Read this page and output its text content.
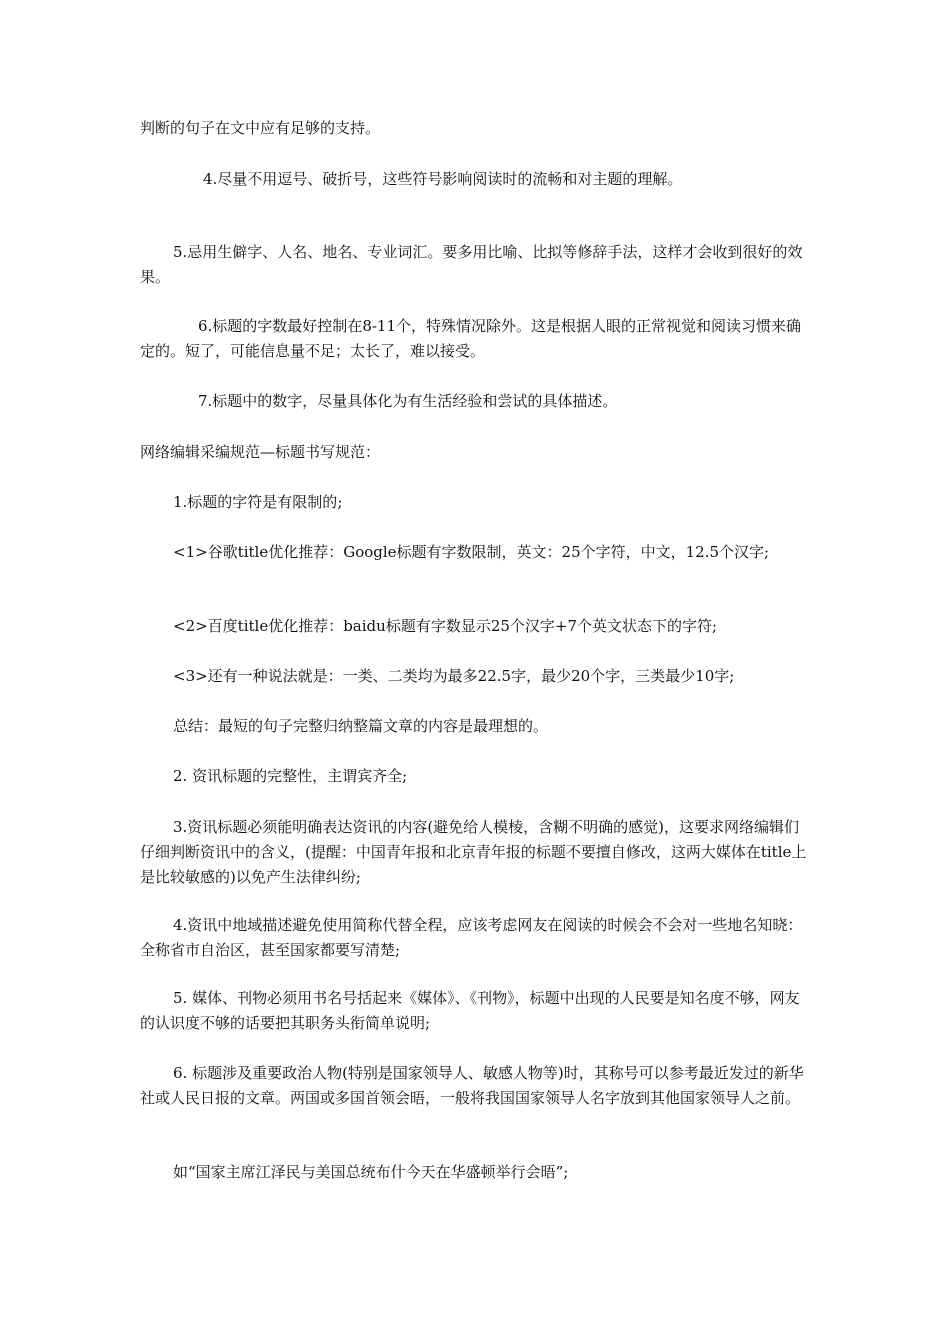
判断的句子在文中应有足够的支持。

4.尽量不用逗号、破折号，这些符号影响阅读时的流畅和对主题的理解。

5.忌用生僻字、人名、地名、专业词汇。要多用比喻、比拟等修辞手法，这样才会收到很好的效果。

6.标题的字数最好控制在8-11个，特殊情况除外。这是根据人眼的正常视觉和阅读习惯来确定的。短了，可能信息量不足；太长了，难以接受。

7.标题中的数字，尽量具体化为有生活经验和尝试的具体描述。

网络编辑采编规范—标题书写规范：

1.标题的字符是有限制的;

<1>谷歌title优化推荐：Google标题有字数限制，英文：25个字符，中文，12.5个汉字;

<2>百度title优化推荐：baidu标题有字数显示25个汉字+7个英文状态下的字符;

<3>还有一种说法就是：一类、二类均为最多22.5字，最少20个字，三类最少10字;

总结：最短的句子完整归纳整篇文章的内容是最理想的。

2. 资讯标题的完整性，主谓宾齐全;

3.资讯标题必须能明确表达资讯的内容(避免给人模棱，含糊不明确的感觉)，这要求网络编辑们仔细判断资讯中的含义，(提醒：中国青年报和北京青年报的标题不要擅自修改，这两大媒体在title上是比较敏感的)以免产生法律纠纷;

4.资讯中地域描述避免使用简称代替全程，应该考虑网友在阅读的时候会不会对一些地名知晓：全称省市自治区，甚至国家都要写清楚;

5. 媒体、刊物必须用书名号括起来《媒体》、《刊物》，标题中出现的人民要是知名度不够，网友的认识度不够的话要把其职务头衔简单说明;

6. 标题涉及重要政治人物(特别是国家领导人、敏感人物等)时，其称号可以参考最近发过的新华社或人民日报的文章。两国或多国首领会晤，一般将我国国家领导人名字放到其他国家领导人之前。

如“国家主席江泽民与美国总统布什今天在华盛顿举行会晤”;
